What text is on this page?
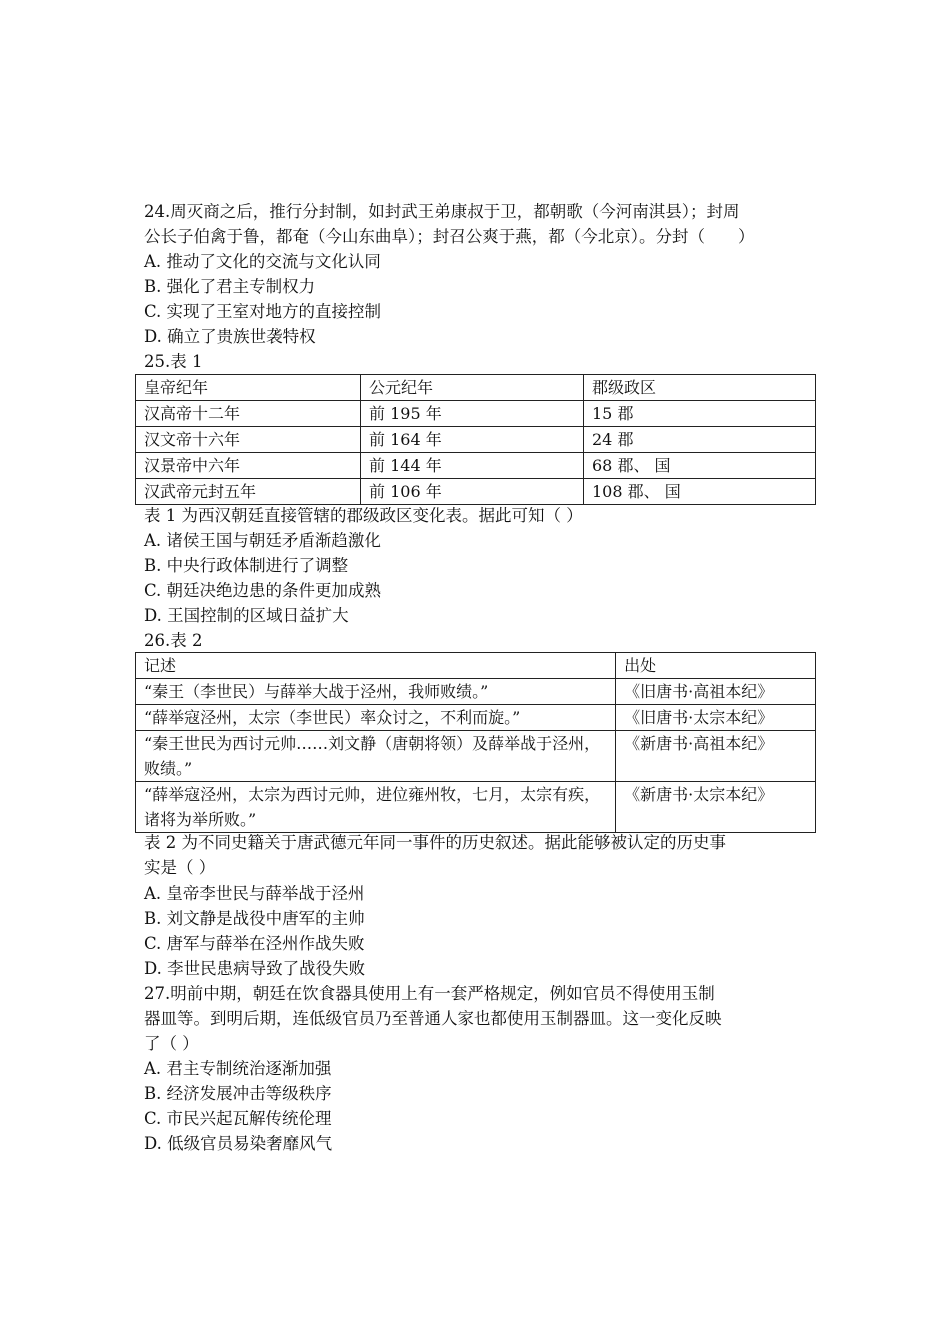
24.周灭商之后，推行分封制，如封武王弟康叔于卫，都朝歌（今河南淇县）；封周
公长子伯禽于鲁，都奄（今山东曲阜）；封召公爽于燕，都（今北京）。分封（　　）
A. 推动了文化的交流与文化认同
B. 强化了君主专制权力
C. 实现了王室对地方的直接控制
D. 确立了贵族世袭特权
25.表 1
皇帝纪年	公元纪年	郡级政区
汉高帝十二年	前 195 年	15 郡
汉文帝十六年	前 164 年	24 郡
汉景帝中六年	前 144 年	68 郡、 国
汉武帝元封五年	前 106 年	108 郡、 国
表 1 为西汉朝廷直接管辖的郡级政区变化表。据此可知（ ）
A. 诸侯王国与朝廷矛盾渐趋激化
B. 中央行政体制进行了调整
C. 朝廷决绝边患的条件更加成熟
D. 王国控制的区域日益扩大
26.表 2
记述	出处
“秦王（李世民）与薛举大战于泾州，我师败绩。”	《旧唐书·高祖本纪》
“薛举寇泾州，太宗（李世民）率众讨之，不利而旋。”	《旧唐书·太宗本纪》
“秦王世民为西讨元帅……刘文静（唐朝将领）及薛举战于泾州，败绩。”	《新唐书·高祖本纪》
“薛举寇泾州，太宗为西讨元帅，进位雍州牧，七月，太宗有疾，诸将为举所败。”	《新唐书·太宗本纪》
表 2 为不同史籍关于唐武德元年同一事件的历史叙述。据此能够被认定的历史事
实是（ ）
A. 皇帝李世民与薛举战于泾州
B. 刘文静是战役中唐军的主帅
C. 唐军与薛举在泾州作战失败
D. 李世民患病导致了战役失败
27.明前中期，朝廷在饮食器具使用上有一套严格规定，例如官员不得使用玉制
器皿等。到明后期，连低级官员乃至普通人家也都使用玉制器皿。这一变化反映
了（ ）
A. 君主专制统治逐渐加强
B. 经济发展冲击等级秩序
C. 市民兴起瓦解传统伦理
D. 低级官员易染奢靡风气
